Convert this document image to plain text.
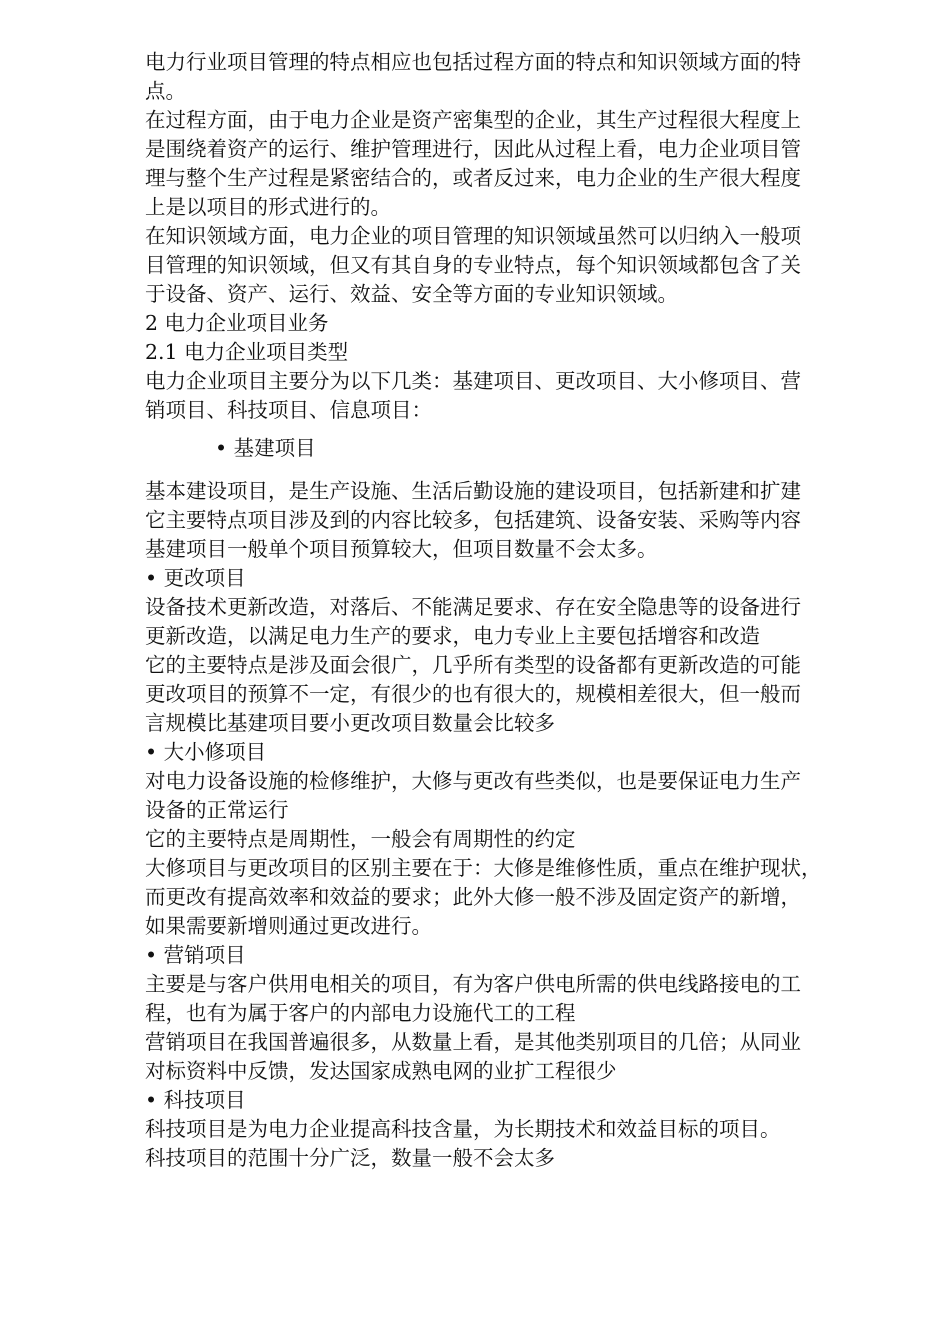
电力行业项目管理的特点相应也包括过程方面的特点和知识领域方面的特
点。
在过程方面，由于电力企业是资产密集型的企业，其生产过程很大程度上
是围绕着资产的运行、维护管理进行，因此从过程上看，电力企业项目管
理与整个生产过程是紧密结合的，或者反过来，电力企业的生产很大程度
上是以项目的形式进行的。
在知识领域方面，电力企业的项目管理的知识领域虽然可以归纳入一般项
目管理的知识领域，但又有其自身的专业特点，每个知识领域都包含了关
于设备、资产、运行、效益、安全等方面的专业知识领域。
2 电力企业项目业务
2.1 电力企业项目类型
电力企业项目主要分为以下几类：基建项目、更改项目、大小修项目、营
销项目、科技项目、信息项目：
• 基建项目
基本建设项目，是生产设施、生活后勤设施的建设项目，包括新建和扩建
它主要特点项目涉及到的内容比较多，包括建筑、设备安装、采购等内容
基建项目一般单个项目预算较大，但项目数量不会太多。
• 更改项目
设备技术更新改造，对落后、不能满足要求、存在安全隐患等的设备进行
更新改造，以满足电力生产的要求，电力专业上主要包括增容和改造
它的主要特点是涉及面会很广，几乎所有类型的设备都有更新改造的可能
更改项目的预算不一定，有很少的也有很大的，规模相差很大，但一般而
言规模比基建项目要小更改项目数量会比较多
• 大小修项目
对电力设备设施的检修维护，大修与更改有些类似，也是要保证电力生产
设备的正常运行
它的主要特点是周期性，一般会有周期性的约定
大修项目与更改项目的区别主要在于：大修是维修性质，重点在维护现状，
而更改有提高效率和效益的要求；此外大修一般不涉及固定资产的新增，
如果需要新增则通过更改进行。
• 营销项目
主要是与客户供用电相关的项目，有为客户供电所需的供电线路接电的工
程，也有为属于客户的内部电力设施代工的工程
营销项目在我国普遍很多，从数量上看，是其他类别项目的几倍；从同业
对标资料中反馈，发达国家成熟电网的业扩工程很少
• 科技项目
科技项目是为电力企业提高科技含量，为长期技术和效益目标的项目。
科技项目的范围十分广泛，数量一般不会太多
